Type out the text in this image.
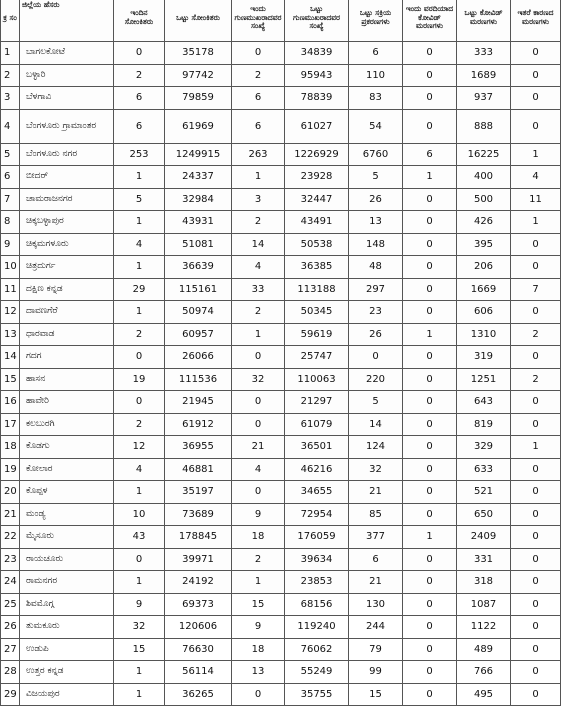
ಕ್ರ ಸಂ	ಜಿಲ್ಲೆಯ ಹೆಸರು	ಇಂದಿನ ಸೋಂಕಿತರು	ಒಟ್ಟು ಸೋಂಕಿತರು	ಇಂದು ಗುಣಮುಖರಾದವರ ಸಂಖ್ಯೆ	ಒಟ್ಟು ಗುಣಮುಖರಾದವರ ಸಂಖ್ಯೆ	ಒಟ್ಟು ಸಕ್ರಿಯ ಪ್ರಕರಣಗಳು	ಇಂದು ವರದಿಯಾದ ಕೋವಿಡ್ ಮರಣಗಳು	ಒಟ್ಟು ಕೋವಿಡ್ ಮರಣಗಳು	ಇತರೆ ಕಾರಣದ ಮರಣಗಳು
1	ಬಾಗಲಕೋಟೆ	0	35178	0	34839	6	0	333	0
2	ಬಳ್ಳಾರಿ	2	97742	2	95943	110	0	1689	0
3	ಬೆಳಗಾವಿ	6	79859	6	78839	83	0	937	0
4	ಬೆಂಗಳೂರು ಗ್ರಾಮಾಂತರ	6	61969	6	61027	54	0	888	0
5	ಬೆಂಗಳೂರು ನಗರ	253	1249915	263	1226929	6760	6	16225	1
6	ಬೀದರ್	1	24337	1	23928	5	1	400	4
7	ಚಾಮರಾಜನಗರ	5	32984	3	32447	26	0	500	11
8	ಚಿಕ್ಕಬಳ್ಳಾಪುರ	1	43931	2	43491	13	0	426	1
9	ಚಿಕ್ಕಮಗಳೂರು	4	51081	14	50538	148	0	395	0
10	ಚಿತ್ರದುರ್ಗ	1	36639	4	36385	48	0	206	0
11	ದಕ್ಷಿಣ ಕನ್ನಡ	29	115161	33	113188	297	0	1669	7
12	ದಾವಣಗೆರೆ	1	50974	2	50345	23	0	606	0
13	ಧಾರವಾಡ	2	60957	1	59619	26	1	1310	2
14	ಗದಗ	0	26066	0	25747	0	0	319	0
15	ಹಾಸನ	19	111536	32	110063	220	0	1251	2
16	ಹಾವೇರಿ	0	21945	0	21297	5	0	643	0
17	ಕಲಬುರಗಿ	2	61912	0	61079	14	0	819	0
18	ಕೊಡಗು	12	36955	21	36501	124	0	329	1
19	ಕೋಲಾರ	4	46881	4	46216	32	0	633	0
20	ಕೊಪ್ಪಳ	1	35197	0	34655	21	0	521	0
21	ಮಂಡ್ಯ	10	73689	9	72954	85	0	650	0
22	ಮೈಸೂರು	43	178845	18	176059	377	1	2409	0
23	ರಾಯಚೂರು	0	39971	2	39634	6	0	331	0
24	ರಾಮನಗರ	1	24192	1	23853	21	0	318	0
25	ಶಿವಮೊಗ್ಗ	9	69373	15	68156	130	0	1087	0
26	ತುಮಕೂರು	32	120606	9	119240	244	0	1122	0
27	ಉಡುಪಿ	15	76630	18	76062	79	0	489	0
28	ಉತ್ತರ ಕನ್ನಡ	1	56114	13	55249	99	0	766	0
29	ವಿಜಯಪುರ	1	36265	0	35755	15	0	495	0
